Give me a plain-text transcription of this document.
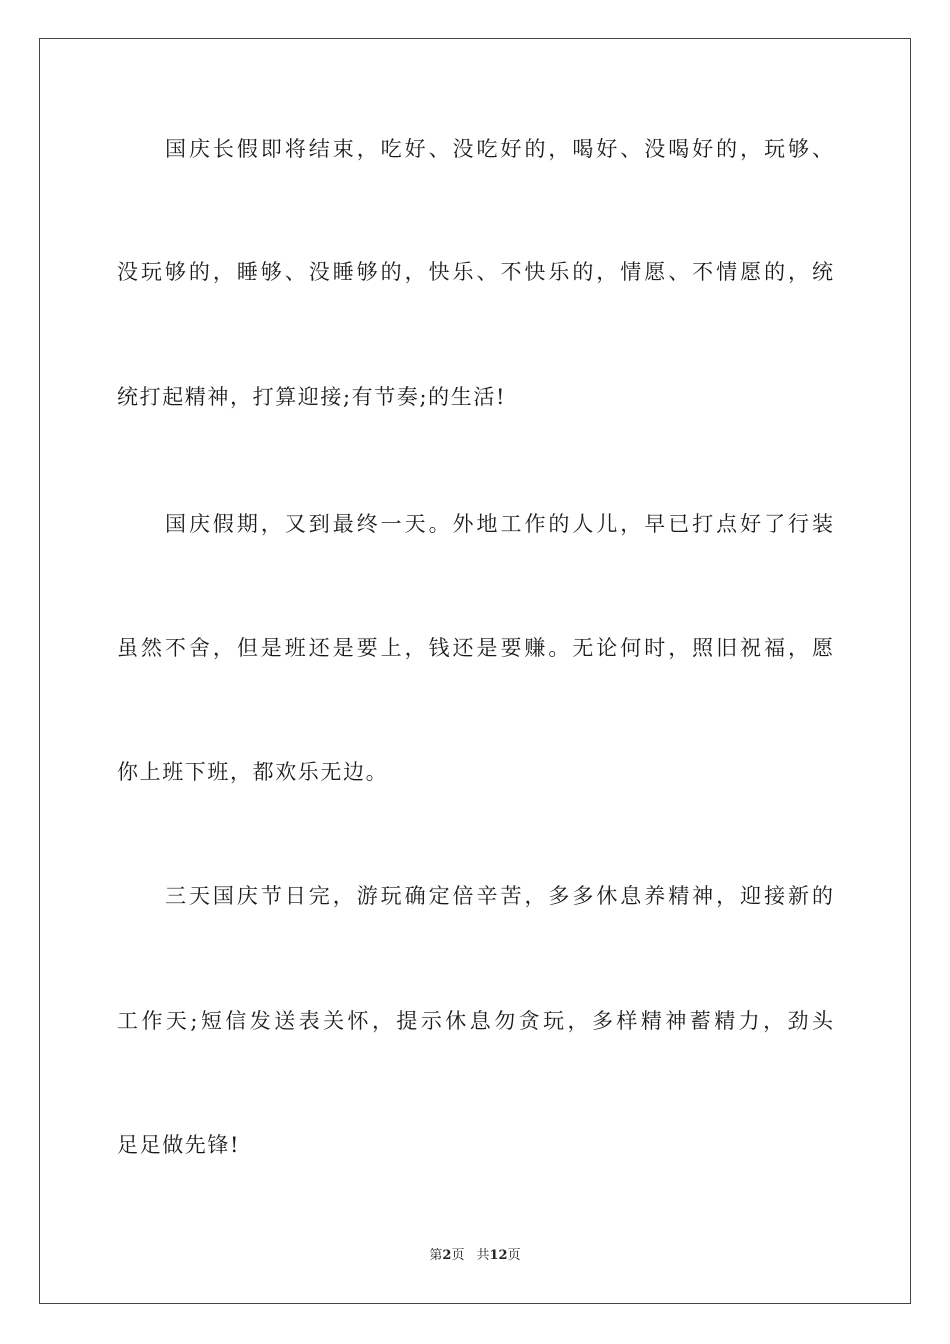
国庆长假即将结束，吃好、没吃好的，喝好、没喝好的，玩够、
没玩够的，睡够、没睡够的，快乐、不快乐的，情愿、不情愿的，统
统打起精神，打算迎接;有节奏;的生活!
国庆假期，又到最终一天。外地工作的人儿，早已打点好了行装
虽然不舍，但是班还是要上，钱还是要赚。无论何时，照旧祝福，愿
你上班下班，都欢乐无边。
三天国庆节日完，游玩确定倍辛苦，多多休息养精神，迎接新的
工作天;短信发送表关怀，提示休息勿贪玩，多样精神蓄精力，劲头
足足做先锋!
第2页 共12页
